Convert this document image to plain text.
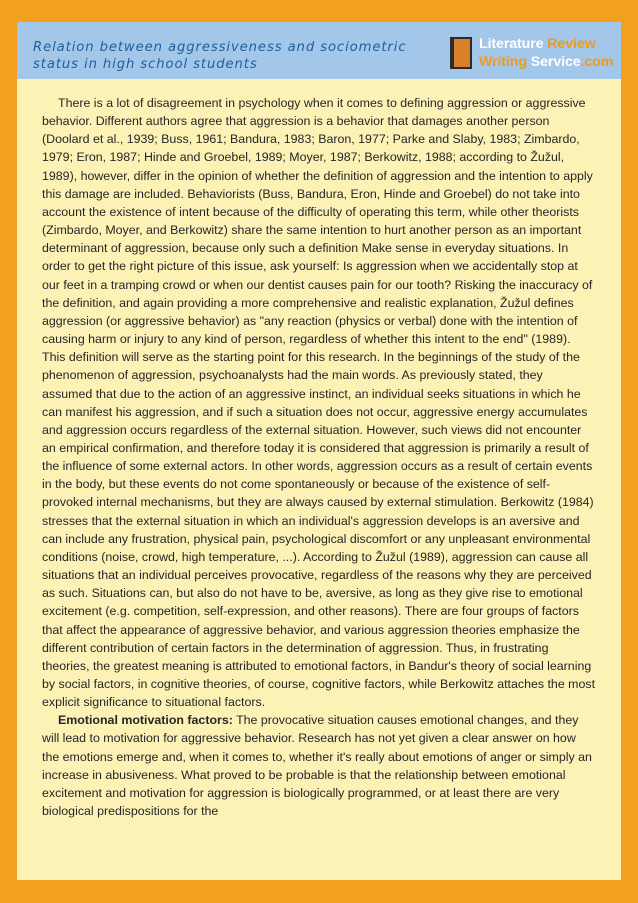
Relation between aggressiveness and sociometric status in high school students
Literature Review
Writing Service.com

There is a lot of disagreement in psychology when it comes to defining aggression or aggressive behavior. Different authors agree that aggression is a behavior that damages another person (Doolard et al., 1939; Buss, 1961; Bandura, 1983; Baron, 1977; Parke and Slaby, 1983; Zimbardo, 1979; Eron, 1987; Hinde and Groebel, 1989; Moyer, 1987; Berkowitz, 1988; according to Žužul, 1989), however, differ in the opinion of whether the definition of aggression and the intention to apply this damage are included. Behaviorists (Buss, Bandura, Eron, Hinde and Groebel) do not take into account the existence of intent because of the difficulty of operating this term, while other theorists (Zimbardo, Moyer, and Berkowitz) share the same intention to hurt another person as an important determinant of aggression, because only such a definition Make sense in everyday situations. In order to get the right picture of this issue, ask yourself: Is aggression when we accidentally stop at our feet in a tramping crowd or when our dentist causes pain for our tooth? Risking the inaccuracy of the definition, and again providing a more comprehensive and realistic explanation, Žužul defines aggression (or aggressive behavior) as "any reaction (physics or verbal) done with the intention of causing harm or injury to any kind of person, regardless of whether this intent to the end" (1989). This definition will serve as the starting point for this research. In the beginnings of the study of the phenomenon of aggression, psychoanalysts had the main words. As previously stated, they assumed that due to the action of an aggressive instinct, an individual seeks situations in which he can manifest his aggression, and if such a situation does not occur, aggressive energy accumulates and aggression occurs regardless of the external situation. However, such views did not encounter an empirical confirmation, and therefore today it is considered that aggression is primarily a result of the influence of some external actors. In other words, aggression occurs as a result of certain events in the body, but these events do not come spontaneously or because of the existence of self-provoked internal mechanisms, but they are always caused by external stimulation. Berkowitz (1984) stresses that the external situation in which an individual's aggression develops is an aversive and can include any frustration, physical pain, psychological discomfort or any unpleasant environmental conditions (noise, crowd, high temperature, ...). According to Žužul (1989), aggression can cause all situations that an individual perceives provocative, regardless of the reasons why they are perceived as such. Situations can, but also do not have to be, aversive, as long as they give rise to emotional excitement (e.g. competition, self-expression, and other reasons). There are four groups of factors that affect the appearance of aggressive behavior, and various aggression theories emphasize the different contribution of certain factors in the determination of aggression. Thus, in frustrating theories, the greatest meaning is attributed to emotional factors, in Bandur's theory of social learning by social factors, in cognitive theories, of course, cognitive factors, while Berkowitz attaches the most explicit significance to situational factors.

Emotional motivation factors: The provocative situation causes emotional changes, and they will lead to motivation for aggressive behavior. Research has not yet given a clear answer on how the emotions emerge and, when it comes to, whether it's really about emotions of anger or simply an increase in abusiveness. What proved to be probable is that the relationship between emotional excitement and motivation for aggression is biologically programmed, or at least there are very biological predispositions for the
